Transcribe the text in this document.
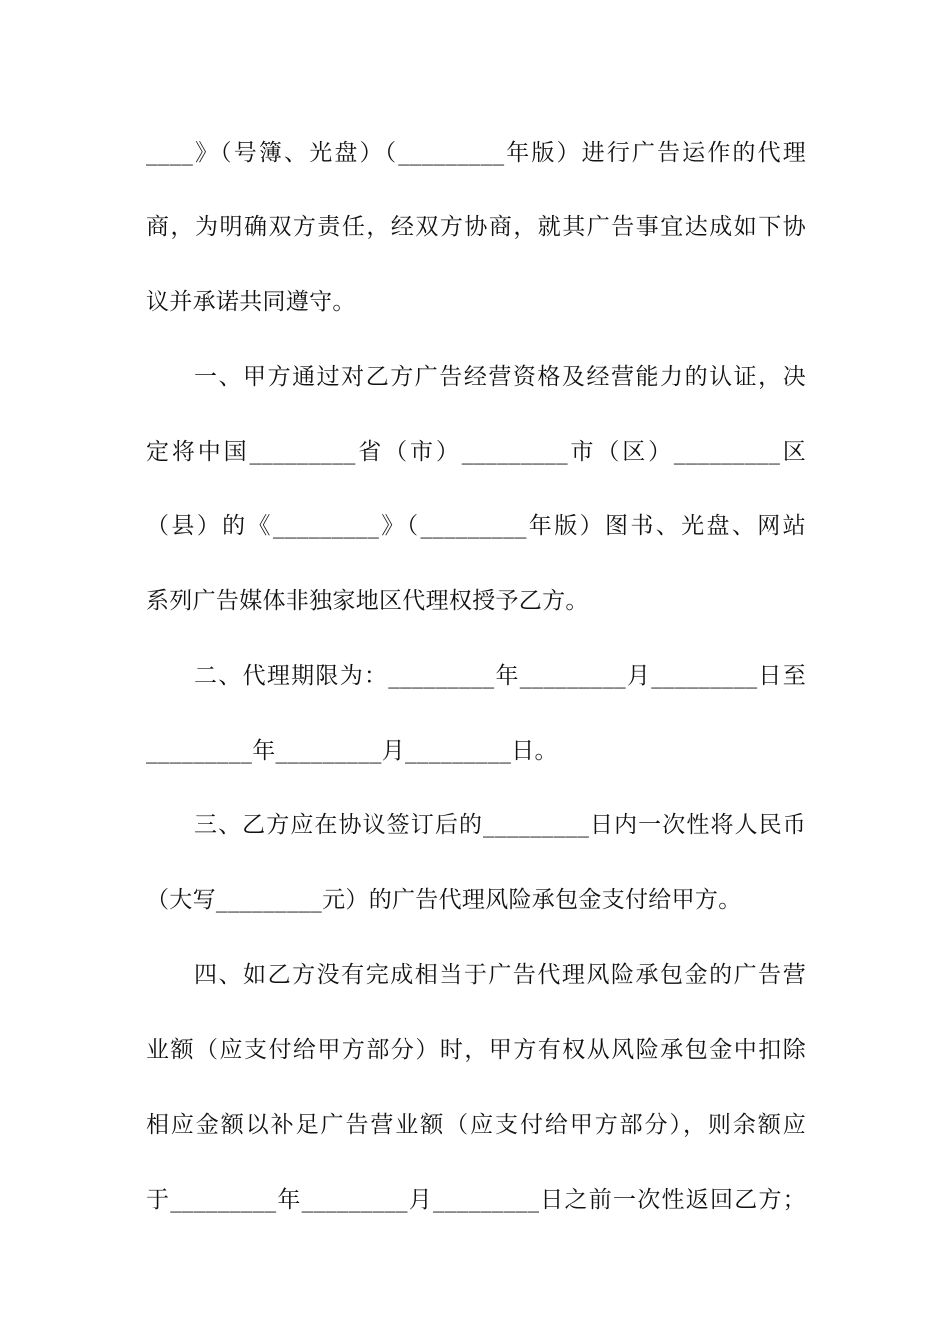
____》（号簿、光盘）（_________年版）进行广告运作的代理
商，为明确双方责任，经双方协商，就其广告事宜达成如下协
议并承诺共同遵守。
一、甲方通过对乙方广告经营资格及经营能力的认证，决
定将中国_________省（市）_________市（区）_________区
（县）的《_________》（_________年版）图书、光盘、网站
系列广告媒体非独家地区代理权授予乙方。
二、代理期限为：_________年_________月_________日至
_________年_________月_________日。
三、乙方应在协议签订后的_________日内一次性将人民币
（大写_________元）的广告代理风险承包金支付给甲方。
四、如乙方没有完成相当于广告代理风险承包金的广告营
业额（应支付给甲方部分）时，甲方有权从风险承包金中扣除
相应金额以补足广告营业额（应支付给甲方部分），则余额应
于_________年_________月_________日之前一次性返回乙方；
